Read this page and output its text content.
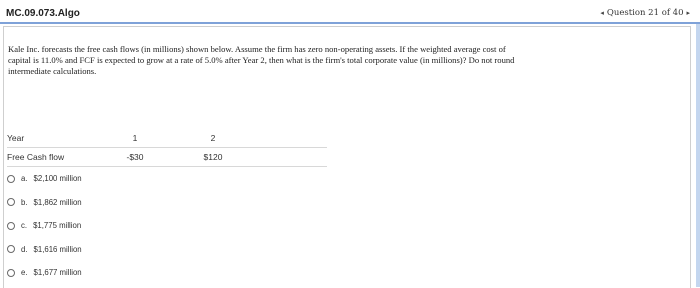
MC.09.073.Algo	◂ Question 21 of 40 ▸
Kale Inc. forecasts the free cash flows (in millions) shown below. Assume the firm has zero non-operating assets. If the weighted average cost of
capital is 11.0% and FCF is expected to grow at a rate of 5.0% after Year 2, then what is the firm's total corporate value (in millions)? Do not round
intermediate calculations.
Year	1	2
Free Cash flow	-$30	$120
a. $2,100 million
b. $1,862 million
c. $1,775 million
d. $1,616 million
e. $1,677 million
